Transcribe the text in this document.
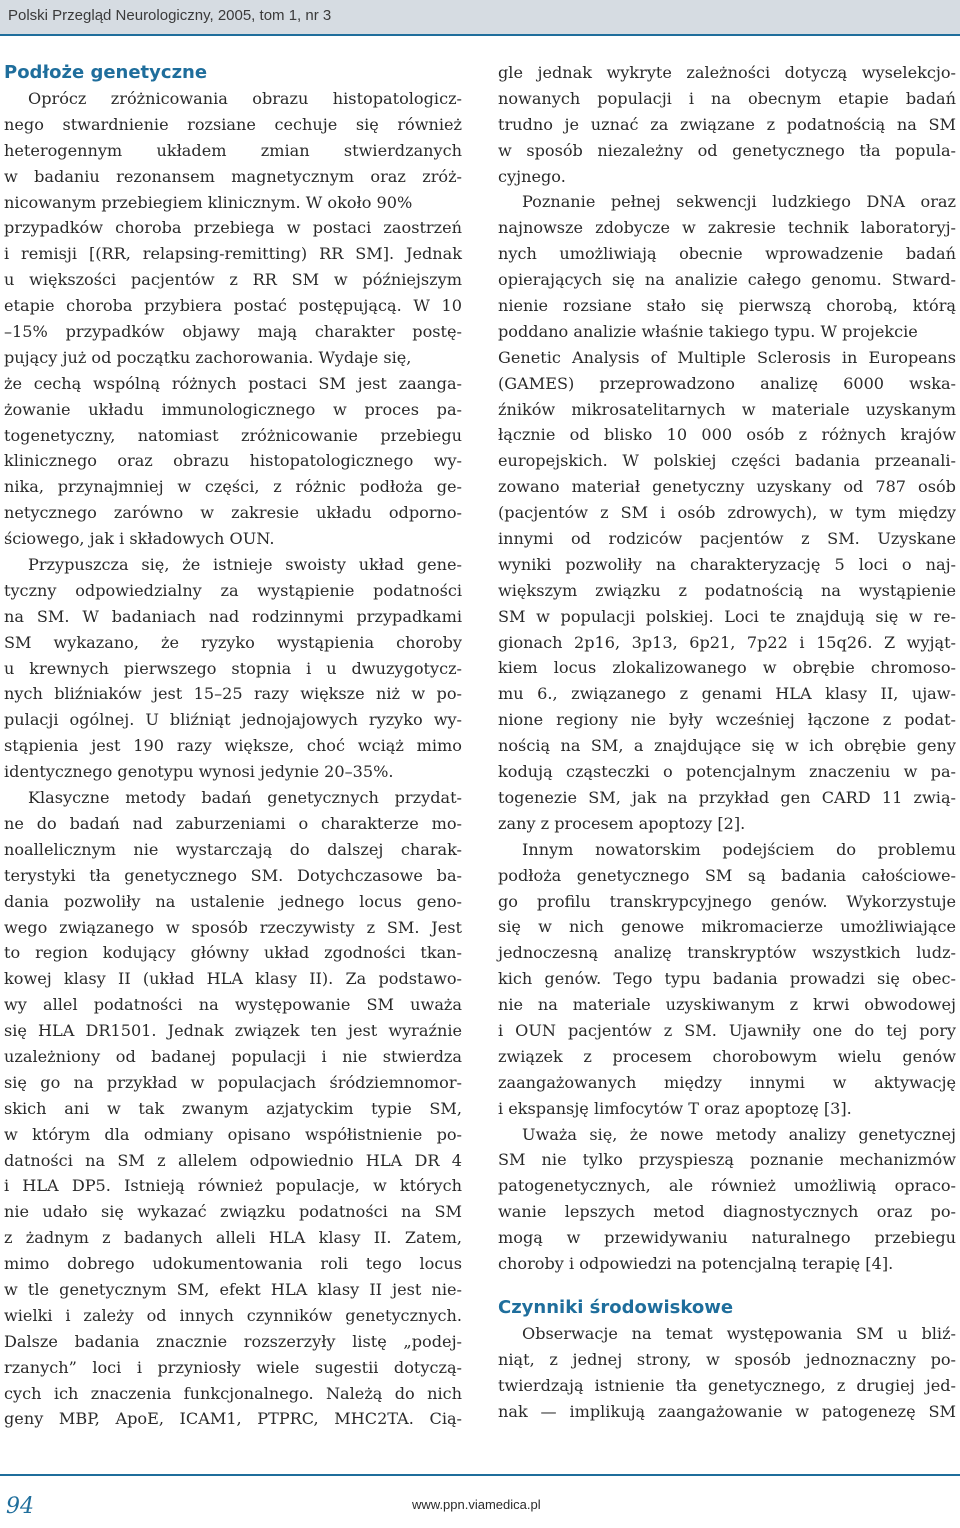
Polski Przegląd Neurologiczny, 2005, tom 1, nr 3
Podłoże genetyczne
Oprócz zróżnicowania obrazu histopatologicz-
nego stwardnienie rozsiane cechuje się również
heterogennym układem zmian stwierdzanych
w badaniu rezonansem magnetycznym oraz zróż-
nicowanym przebiegiem klinicznym. W około 90%
przypadków choroba przebiega w postaci zaostrzeń
i remisji [(RR, relapsing-remitting) RR SM]. Jednak
u większości pacjentów z RR SM w późniejszym
etapie choroba przybiera postać postępującą. W 10
–15% przypadków objawy mają charakter postę-
pujący już od początku zachorowania. Wydaje się,
że cechą wspólną różnych postaci SM jest zaanga-
żowanie układu immunologicznego w proces pa-
togenetyczny, natomiast zróżnicowanie przebiegu
klinicznego oraz obrazu histopatologicznego wy-
nika, przynajmniej w części, z różnic podłoża ge-
netycznego zarówno w zakresie układu odporno-
ściowego, jak i składowych OUN.
Przypuszcza się, że istnieje swoisty układ gene-
tyczny odpowiedzialny za wystąpienie podatności
na SM. W badaniach nad rodzinnymi przypadkami
SM wykazano, że ryzyko wystąpienia choroby
u krewnych pierwszego stopnia i u dwuzygotycz-
nych bliźniaków jest 15–25 razy większe niż w po-
pulacji ogólnej. U bliźniąt jednojajowych ryzyko wy-
stąpienia jest 190 razy większe, choć wciąż mimo
identycznego genotypu wynosi jedynie 20–35%.
Klasyczne metody badań genetycznych przydat-
ne do badań nad zaburzeniami o charakterze mo-
noallelicznym nie wystarczają do dalszej charak-
terystyki tła genetycznego SM. Dotychczasowe ba-
dania pozwoliły na ustalenie jednego locus geno-
wego związanego w sposób rzeczywisty z SM. Jest
to region kodujący główny układ zgodności tkan-
kowej klasy II (układ HLA klasy II). Za podstawo-
wy allel podatności na występowanie SM uważa
się HLA DR1501. Jednak związek ten jest wyraźnie
uzależniony od badanej populacji i nie stwierdza
się go na przykład w populacjach śródziemnomor-
skich ani w tak zwanym azjatyckim typie SM,
w którym dla odmiany opisano współistnienie po-
datności na SM z allelem odpowiednio HLA DR 4
i HLA DP5. Istnieją również populacje, w których
nie udało się wykazać związku podatności na SM
z żadnym z badanych alleli HLA klasy II. Zatem,
mimo dobrego udokumentowania roli tego locus
w tle genetycznym SM, efekt HLA klasy II jest nie-
wielki i zależy od innych czynników genetycznych.
Dalsze badania znacznie rozszerzyły listę „podej-
rzanych” loci i przyniosły wiele sugestii dotyczą-
cych ich znaczenia funkcjonalnego. Należą do nich
geny MBP, ApoE, ICAM1, PTPRC, MHC2TA. Cią-
gle jednak wykryte zależności dotyczą wyselekcjo-
nowanych populacji i na obecnym etapie badań
trudno je uznać za związane z podatnością na SM
w sposób niezależny od genetycznego tła popula-
cyjnego.
Poznanie pełnej sekwencji ludzkiego DNA oraz
najnowsze zdobycze w zakresie technik laboratoryj-
nych umożliwiają obecnie wprowadzenie badań
opierających się na analizie całego genomu. Stward-
nienie rozsiane stało się pierwszą chorobą, którą
poddano analizie właśnie takiego typu. W projekcie
Genetic Analysis of Multiple Sclerosis in Europeans
(GAMES) przeprowadzono analizę 6000 wska-
źników mikrosatelitarnych w materiale uzyskanym
łącznie od blisko 10 000 osób z różnych krajów
europejskich. W polskiej części badania przeanali-
zowano materiał genetyczny uzyskany od 787 osób
(pacjentów z SM i osób zdrowych), w tym między
innymi od rodziców pacjentów z SM. Uzyskane
wyniki pozwoliły na charakteryzację 5 loci o naj-
większym związku z podatnością na wystąpienie
SM w populacji polskiej. Loci te znajdują się w re-
gionach 2p16, 3p13, 6p21, 7p22 i 15q26. Z wyjąt-
kiem locus zlokalizowanego w obrębie chromoso-
mu 6., związanego z genami HLA klasy II, ujaw-
nione regiony nie były wcześniej łączone z podat-
nością na SM, a znajdujące się w ich obrębie geny
kodują cząsteczki o potencjalnym znaczeniu w pa-
togenezie SM, jak na przykład gen CARD 11 zwią-
zany z procesem apoptozy [2].
Innym nowatorskim podejściem do problemu
podłoża genetycznego SM są badania całościowe-
go profilu transkrypcyjnego genów. Wykorzystuje
się w nich genowe mikromacierze umożliwiające
jednoczesną analizę transkryptów wszystkich ludz-
kich genów. Tego typu badania prowadzi się obec-
nie na materiale uzyskiwanym z krwi obwodowej
i OUN pacjentów z SM. Ujawniły one do tej pory
związek z procesem chorobowym wielu genów
zaangażowanych między innymi w aktywację
i ekspansję limfocytów T oraz apoptozę [3].
Uważa się, że nowe metody analizy genetycznej
SM nie tylko przyspieszą poznanie mechanizmów
patogenetycznych, ale również umożliwią opraco-
wanie lepszych metod diagnostycznych oraz po-
mogą w przewidywaniu naturalnego przebiegu
choroby i odpowiedzi na potencjalną terapię [4].
Czynniki środowiskowe
Obserwacje na temat występowania SM u bliź-
niąt, z jednej strony, w sposób jednoznaczny po-
twierdzają istnienie tła genetycznego, z drugiej jed-
nak — implikują zaangażowanie w patogenezę SM
94	www.ppn.viamedica.pl
